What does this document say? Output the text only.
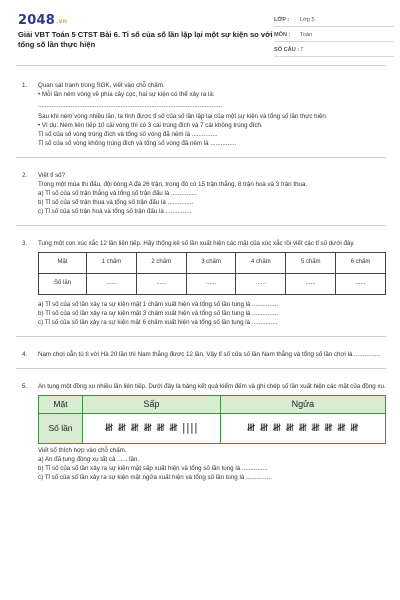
2048.vn
Giải VBT Toán 5 CTST Bài 6. Tỉ số của số lần lặp lại một sự kiện so với tổng số lần thực hiện
LỚP :	Lớp 5
MÔN :	Toán
SỐ CÂU : 7
1. Quan sát tranh trong SGK, viết vào chỗ chấm.
• Mỗi lần ném vòng về phía cây cọc, hai sự kiện có thể xảy ra là:
...........................................................................................................
Sau khi ném vòng nhiều lần, ta tính được tỉ số của số lần lặp lại của một sự kiện và tổng số lần thực hiện.
• Ví dụ: Ném liên tiếp 10 cái vòng thì có 3 cái trúng đích và 7 cái không trúng đích.
Tỉ số của số vòng trúng đích và tổng số vòng đã ném là ...............
Tỉ số của số vòng không trúng đích và tổng số vòng đã ném là ...............
2. Viết tỉ số?
Trong một mùa thi đấu, đội bóng A đá 26 trận, trong đó có 15 trận thắng, 8 trận hoà và 3 trận thua.
a) Tỉ số của số trận thắng và tổng số trận đấu là ...............
b) Tỉ số của số trận thua và tổng số trận đấu là ...............
c) Tỉ số của số trận hoà và tổng số trận đấu là ...............
3. Tung một con xúc xắc 12 lần liên tiếp. Hãy thống kê số lần xuất hiện các mặt của xúc xắc rồi viết các tỉ số dưới đây.
Mặt	1 chấm	2 chấm	3 chấm	4 chấm	5 chấm	6 chấm
Số lần	......	......	......	......	......	......
a) Tỉ số của số lần xảy ra sự kiện mặt 1 chấm xuất hiện và tổng số lần tung là ...............
b) Tỉ số của số lần xảy ra sự kiện mặt 3 chấm xuất hiện và tổng số lần tung là ...............
c) Tỉ số của số lần xảy ra sự kiện mặt 6 chấm xuất hiện và tổng số lần tung là ...............
4. Nam chơi oẳn tù tì với Hà 20 lần thì Nam thắng được 12 lần. Vậy tỉ số của số lần Nam thắng và tổng số lần chơi là ...............
5. An tung một đồng xu nhiều lần liên tiếp. Dưới đây là bảng kết quả kiểm đếm và ghi chép số lần xuất hiện các mặt của đồng xu.
Mặt	Sấp	Ngửa
Số lần	𝍸 𝍸 𝍸 𝍸 𝍸 𝍸 ||||	𝍸 𝍸 𝍸 𝍸 𝍸 𝍸 𝍸 𝍸 𝍸
Viết số thích hợp vào chỗ chấm.
a) An đã tung đồng xu tất cả ...... lần.
b) Tỉ số của số lần xảy ra sự kiện mặt sấp xuất hiện và tổng số lần tung là ...............
c) Tỉ số của số lần xảy ra sự kiện mặt ngửa xuất hiện và tổng số lần tung là ...............
